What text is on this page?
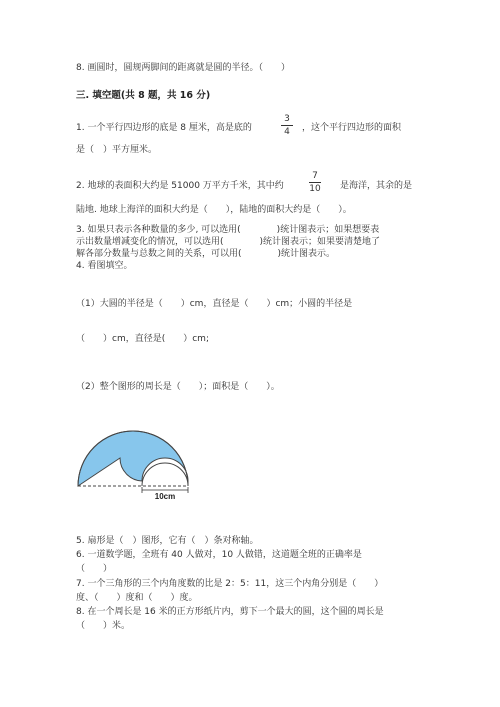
8. 画圆时，圆规两脚间的距离就是圆的半径。（　　）
三. 填空题(共 8 题，共 16 分)
1. 一个平行四边形的底是 8 厘米，高是底的
3
4	，这个平行四边形的面积
是（　）平方厘米。
2. 地球的表面积大约是 51000 万平方千米，其中约
7
10	是海洋，其余的是
陆地. 地球上海洋的面积大约是（　　），陆地的面积大约是（　　）。
3. 如果只表示各种数量的多少, 可以选用(　　　　)统计图表示；如果想要表
示出数量增减变化的情况，可以选用(　　　　)统计图表示；如果要清楚地了
解各部分数量与总数之间的关系，可以用(　　　　)统计图表示。
4. 看图填空。
（1）大圆的半径是（　　）cm，直径是（　　）cm；小圆的半径是
（　　）cm，直径是(　　）cm;
（2）整个图形的周长是（　　）；面积是（　　）。
10cm
5. 扇形是（　）图形，它有（　）条对称轴。
6. 一道数学题，全班有 40 人做对，10 人做错，这道题全班的正确率是
（　　）
7. 一个三角形的三个内角度数的比是 2：5：11，这三个内角分别是（　　）
度、（　　）度和（　　）度。
8. 在一个周长是 16 米的正方形纸片内，剪下一个最大的圆，这个圆的周长是
（　　）米。
